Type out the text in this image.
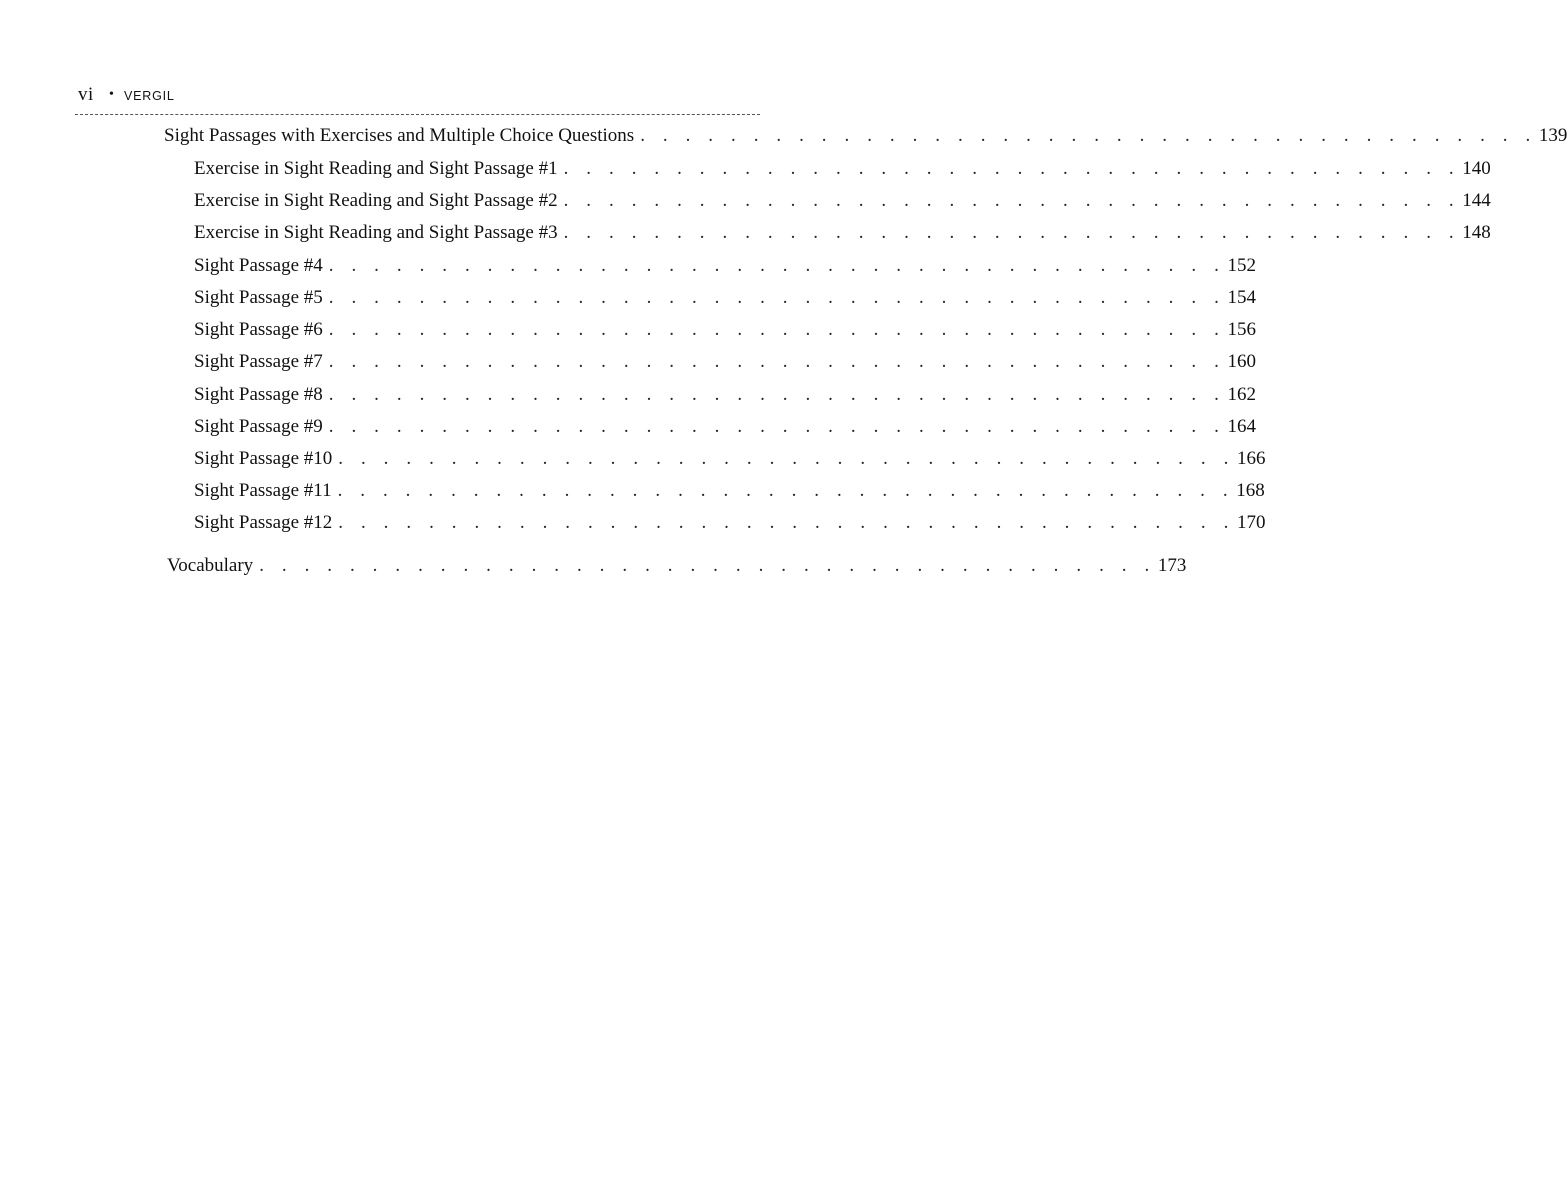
vi • VERGIL
Sight Passages with Exercises and Multiple Choice Questions . . . . . . . . . . . . . . . . . . . . . . . . . . . . . . . . . . . . . . . . 139
Exercise in Sight Reading and Sight Passage #1 . . . . . . . . . . . . . . . . . . . . . . . . . . . . . . . . . . . . . . . . 140
Exercise in Sight Reading and Sight Passage #2 . . . . . . . . . . . . . . . . . . . . . . . . . . . . . . . . . . . . . . . . 144
Exercise in Sight Reading and Sight Passage #3 . . . . . . . . . . . . . . . . . . . . . . . . . . . . . . . . . . . . . . . . 148
Sight Passage #4 . . . . . . . . . . . . . . . . . . . . . . . . . . . . . . . . . . . . . . . . 152
Sight Passage #5 . . . . . . . . . . . . . . . . . . . . . . . . . . . . . . . . . . . . . . . . 154
Sight Passage #6 . . . . . . . . . . . . . . . . . . . . . . . . . . . . . . . . . . . . . . . . 156
Sight Passage #7 . . . . . . . . . . . . . . . . . . . . . . . . . . . . . . . . . . . . . . . . 160
Sight Passage #8 . . . . . . . . . . . . . . . . . . . . . . . . . . . . . . . . . . . . . . . . 162
Sight Passage #9 . . . . . . . . . . . . . . . . . . . . . . . . . . . . . . . . . . . . . . . . 164
Sight Passage #10 . . . . . . . . . . . . . . . . . . . . . . . . . . . . . . . . . . . . . . . . 166
Sight Passage #11 . . . . . . . . . . . . . . . . . . . . . . . . . . . . . . . . . . . . . . . . 168
Sight Passage #12 . . . . . . . . . . . . . . . . . . . . . . . . . . . . . . . . . . . . . . . . 170
Vocabulary . . . . . . . . . . . . . . . . . . . . . . . . . . . . . . . . . . . . . . . . 173
